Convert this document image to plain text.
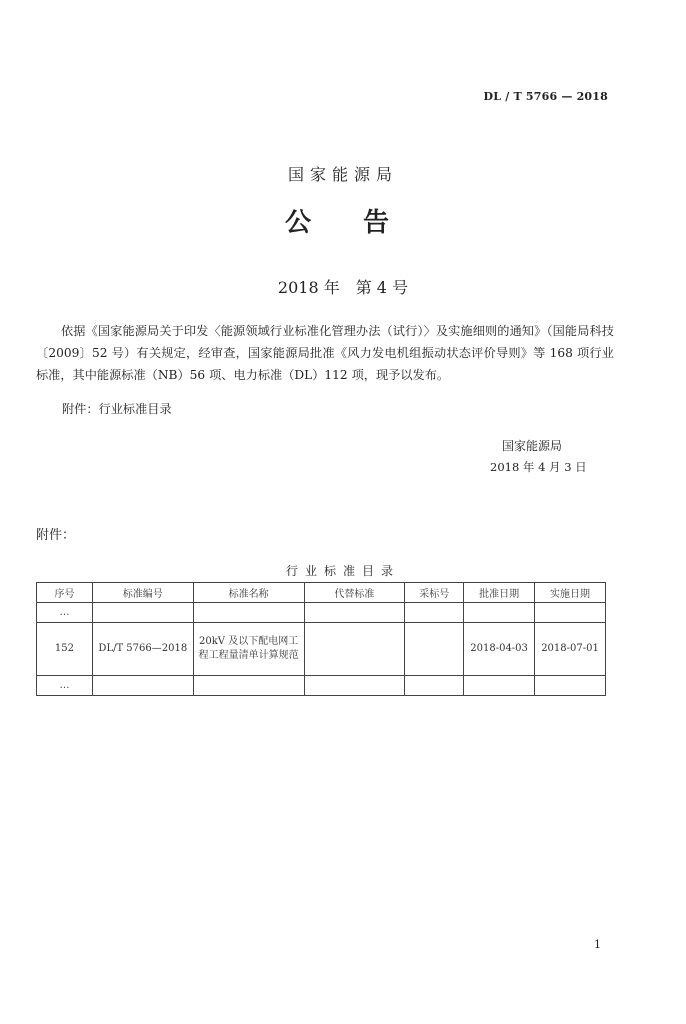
DL / T 5766 — 2018
国家能源局
公告
2018 年　第 4 号
依据《国家能源局关于印发〈能源领域行业标准化管理办法（试行）〉及实施细则的通知》（国能局科技〔2009〕52 号）有关规定，经审查，国家能源局批准《风力发电机组振动状态评价导则》等 168 项行业标准，其中能源标准（NB）56 项、电力标准（DL）112 项，现予以发布。
附件：行业标准目录
国家能源局
2018 年 4 月 3 日
附件：
行业标准目录
序号	标准编号	标准名称	代替标准	采标号	批准日期	实施日期
…						
152	DL/T 5766—2018	20kV 及以下配电网工程工程量清单计算规范			2018-04-03	2018-07-01
…						
1
